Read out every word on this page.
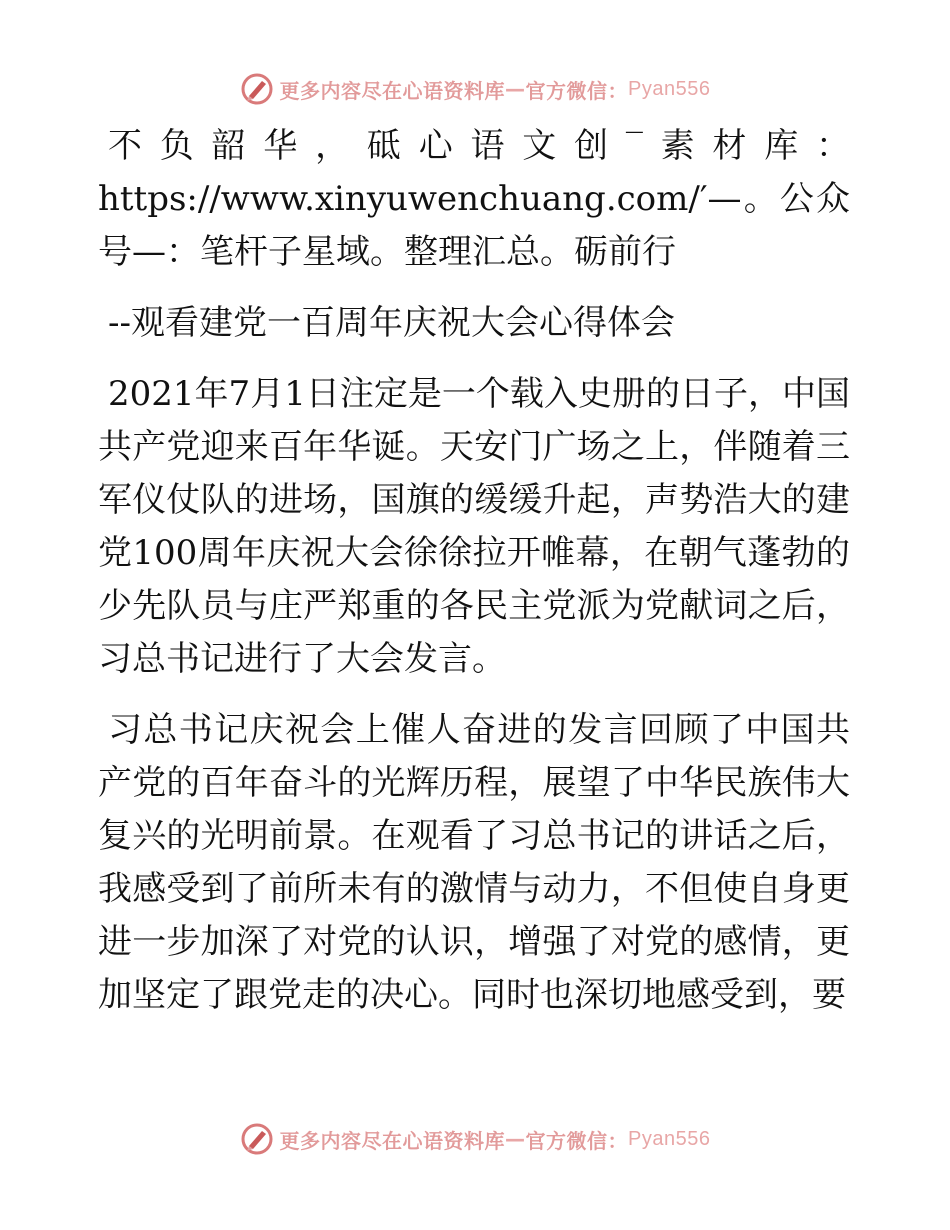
更多内容尽在心语资料库 — 官方微信： Pyan556

不负韶华，砥心语文创‾素材库：https://www.xinyuwenchuang.com/′—。公众号—：笔杆子星域。整理汇总。砺前行

--观看建党一百周年庆祝大会心得体会

2021年7月1日注定是一个载入史册的日子，中国共产党迎来百年华诞。天安门广场之上，伴随着三军仪仗队的进场，国旗的缓缓升起，声势浩大的建党100周年庆祝大会徐徐拉开帷幕，在朝气蓬勃的少先队员与庄严郑重的各民主党派为党献词之后，习总书记进行了大会发言。

习总书记庆祝会上催人奋进的发言回顾了中国共产党的百年奋斗的光辉历程，展望了中华民族伟大复兴的光明前景。在观看了习总书记的讲话之后，我感受到了前所未有的激情与动力，不但使自身更进一步加深了对党的认识，增强了对党的感情，更加坚定了跟党走的决心。同时也深切地感受到，要

更多内容尽在心语资料库 — 官方微信： Pyan556
